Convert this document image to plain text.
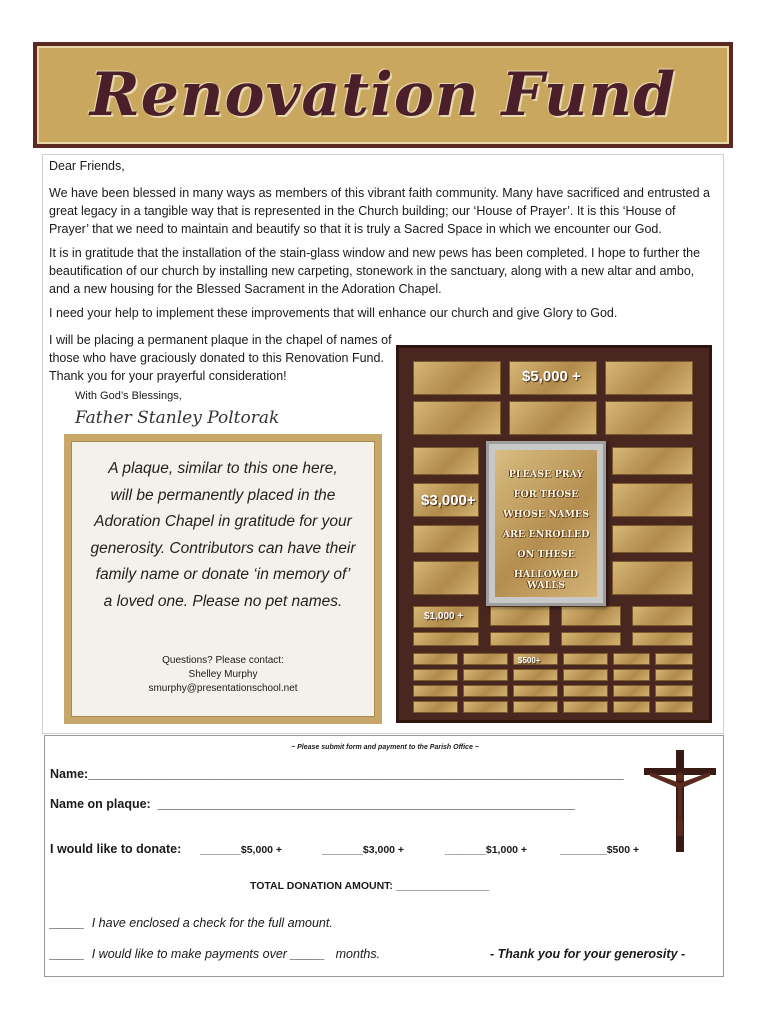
Renovation Fund

Dear Friends,

We have been blessed in many ways as members of this vibrant faith community. Many have sacrificed and entrusted a great legacy in a tangible way that is represented in the Church building; our ‘House of Prayer’. It is this ‘House of Prayer’ that we need to maintain and beautify so that it is truly a Sacred Space in which we encounter our God.

It is in gratitude that the installation of the stain-glass window and new pews has been completed. I hope to further the beautification of our church by installing new carpeting, stonework in the sanctuary, along with a new altar and ambo, and a new housing for the Blessed Sacrament in the Adoration Chapel.

I need your help to implement these improvements that will enhance our church and give Glory to God.

I will be placing a permanent plaque in the chapel of names of

those who have graciously donated to this Renovation Fund.

Thank you for your prayerful consideration!

With God’s Blessings,
Father Stanley Poltorak
A plaque, similar to this one here,
will be permanently placed in the
Adoration Chapel in gratitude for your
generosity. Contributors can have their
family name or donate ‘in memory of’
a loved one. Please no pet names.
Questions? Please contact:
Shelley Murphy
smurphy@presentationschool.net
$5,000 +
$3,000+
$1,000 +
$500+
PLEASE PRAY
FOR THOSE
WHOSE NAMES
ARE ENROLLED
ON THESE
HALLOWED WALLS
~ Please submit form and payment to the Parish Office ~
Name:_____________________________________________________________________________
Name on plaque: ____________________________________________________________
I would like to donate: _______$5,000 +	_______$3,000 +	_______$1,000 +	________$500 +
TOTAL DONATION AMOUNT: ________________
_____ I have enclosed a check for the full amount.
_____ I would like to make payments over _____ months.	- Thank you for your generosity -
